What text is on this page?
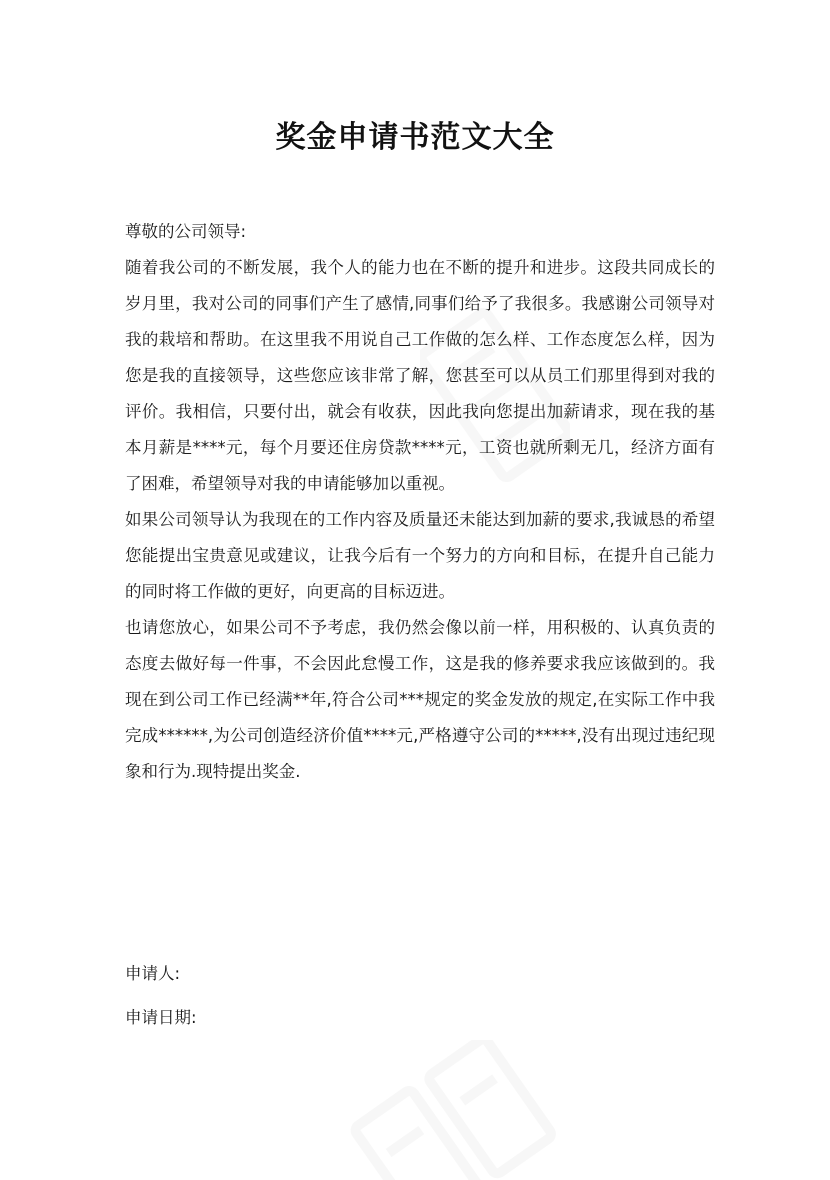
奖金申请书范文大全

尊敬的公司领导:

随着我公司的不断发展，我个人的能力也在不断的提升和进步。这段共同成长的岁月里，我对公司的同事们产生了感情,同事们给予了我很多。我感谢公司领导对我的栽培和帮助。在这里我不用说自己工作做的怎么样、工作态度怎么样，因为您是我的直接领导，这些您应该非常了解，您甚至可以从员工们那里得到对我的评价。我相信，只要付出，就会有收获，因此我向您提出加薪请求，现在我的基本月薪是****元，每个月要还住房贷款****元，工资也就所剩无几，经济方面有了困难，希望领导对我的申请能够加以重视。

如果公司领导认为我现在的工作内容及质量还未能达到加薪的要求,我诚恳的希望您能提出宝贵意见或建议，让我今后有一个努力的方向和目标，在提升自己能力的同时将工作做的更好，向更高的目标迈进。

也请您放心，如果公司不予考虑，我仍然会像以前一样，用积极的、认真负责的态度去做好每一件事，不会因此怠慢工作，这是我的修养要求我应该做到的。我现在到公司工作已经满**年,符合公司***规定的奖金发放的规定,在实际工作中我完成******,为公司创造经济价值****元,严格遵守公司的*****,没有出现过违纪现象和行为.现特提出奖金.

申请人:
申请日期:
